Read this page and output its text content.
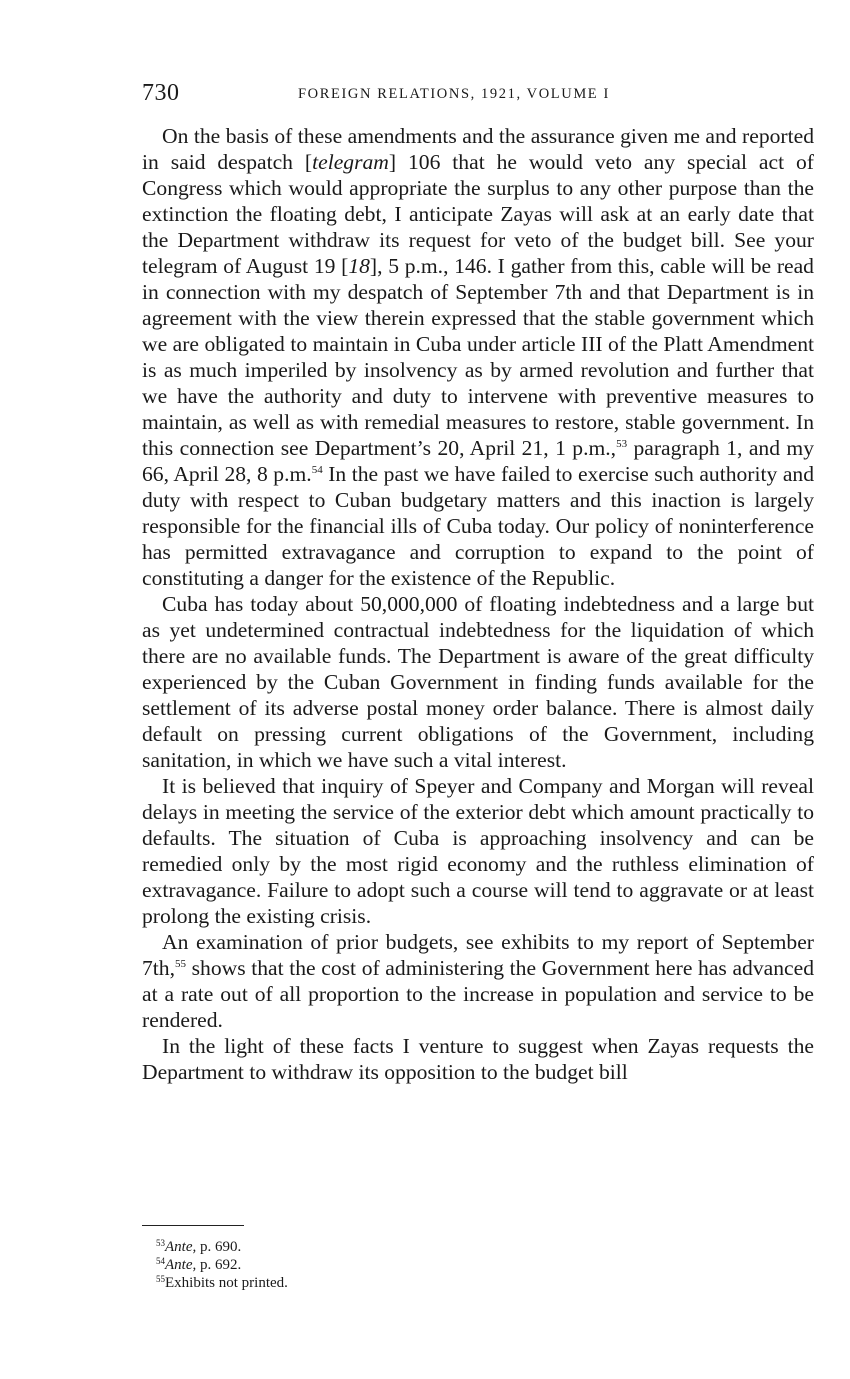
730	FOREIGN RELATIONS, 1921, VOLUME I

On the basis of these amendments and the assurance given me and reported in said despatch [telegram] 106 that he would veto any special act of Congress which would appropriate the surplus to any other purpose than the extinction the floating debt, I anticipate Zayas will ask at an early date that the Department withdraw its request for veto of the budget bill. See your telegram of August 19 [18], 5 p.m., 146. I gather from this, cable will be read in connection with my despatch of September 7th and that Department is in agreement with the view therein expressed that the stable government which we are obligated to maintain in Cuba under article III of the Platt Amendment is as much imperiled by insolvency as by armed revolution and further that we have the authority and duty to intervene with preventive measures to maintain, as well as with remedial measures to restore, stable government. In this connection see Department’s 20, April 21, 1 p.m.,$^{53}$ paragraph 1, and my 66, April 28, 8 p.m.$^{54}$ In the past we have failed to exercise such authority and duty with respect to Cuban budgetary matters and this inaction is largely responsible for the financial ills of Cuba today. Our policy of noninterference has permitted extravagance and corruption to expand to the point of constituting a danger for the existence of the Republic.

Cuba has today about 50,000,000 of floating indebtedness and a large but as yet undetermined contractual indebtedness for the liquidation of which there are no available funds. The Department is aware of the great difficulty experienced by the Cuban Government in finding funds available for the settlement of its adverse postal money order balance. There is almost daily default on pressing current obligations of the Government, including sanitation, in which we have such a vital interest.

It is believed that inquiry of Speyer and Company and Morgan will reveal delays in meeting the service of the exterior debt which amount practically to defaults. The situation of Cuba is approaching insolvency and can be remedied only by the most rigid economy and the ruthless elimination of extravagance. Failure to adopt such a course will tend to aggravate or at least prolong the existing crisis.

An examination of prior budgets, see exhibits to my report of September 7th,$^{55}$ shows that the cost of administering the Government here has advanced at a rate out of all proportion to the increase in population and service to be rendered.

In the light of these facts I venture to suggest when Zayas requests the Department to withdraw its opposition to the budget bill

$^{53}$Ante, p. 690.

$^{54}$Ante, p. 692.

$^{55}$Exhibits not printed.
